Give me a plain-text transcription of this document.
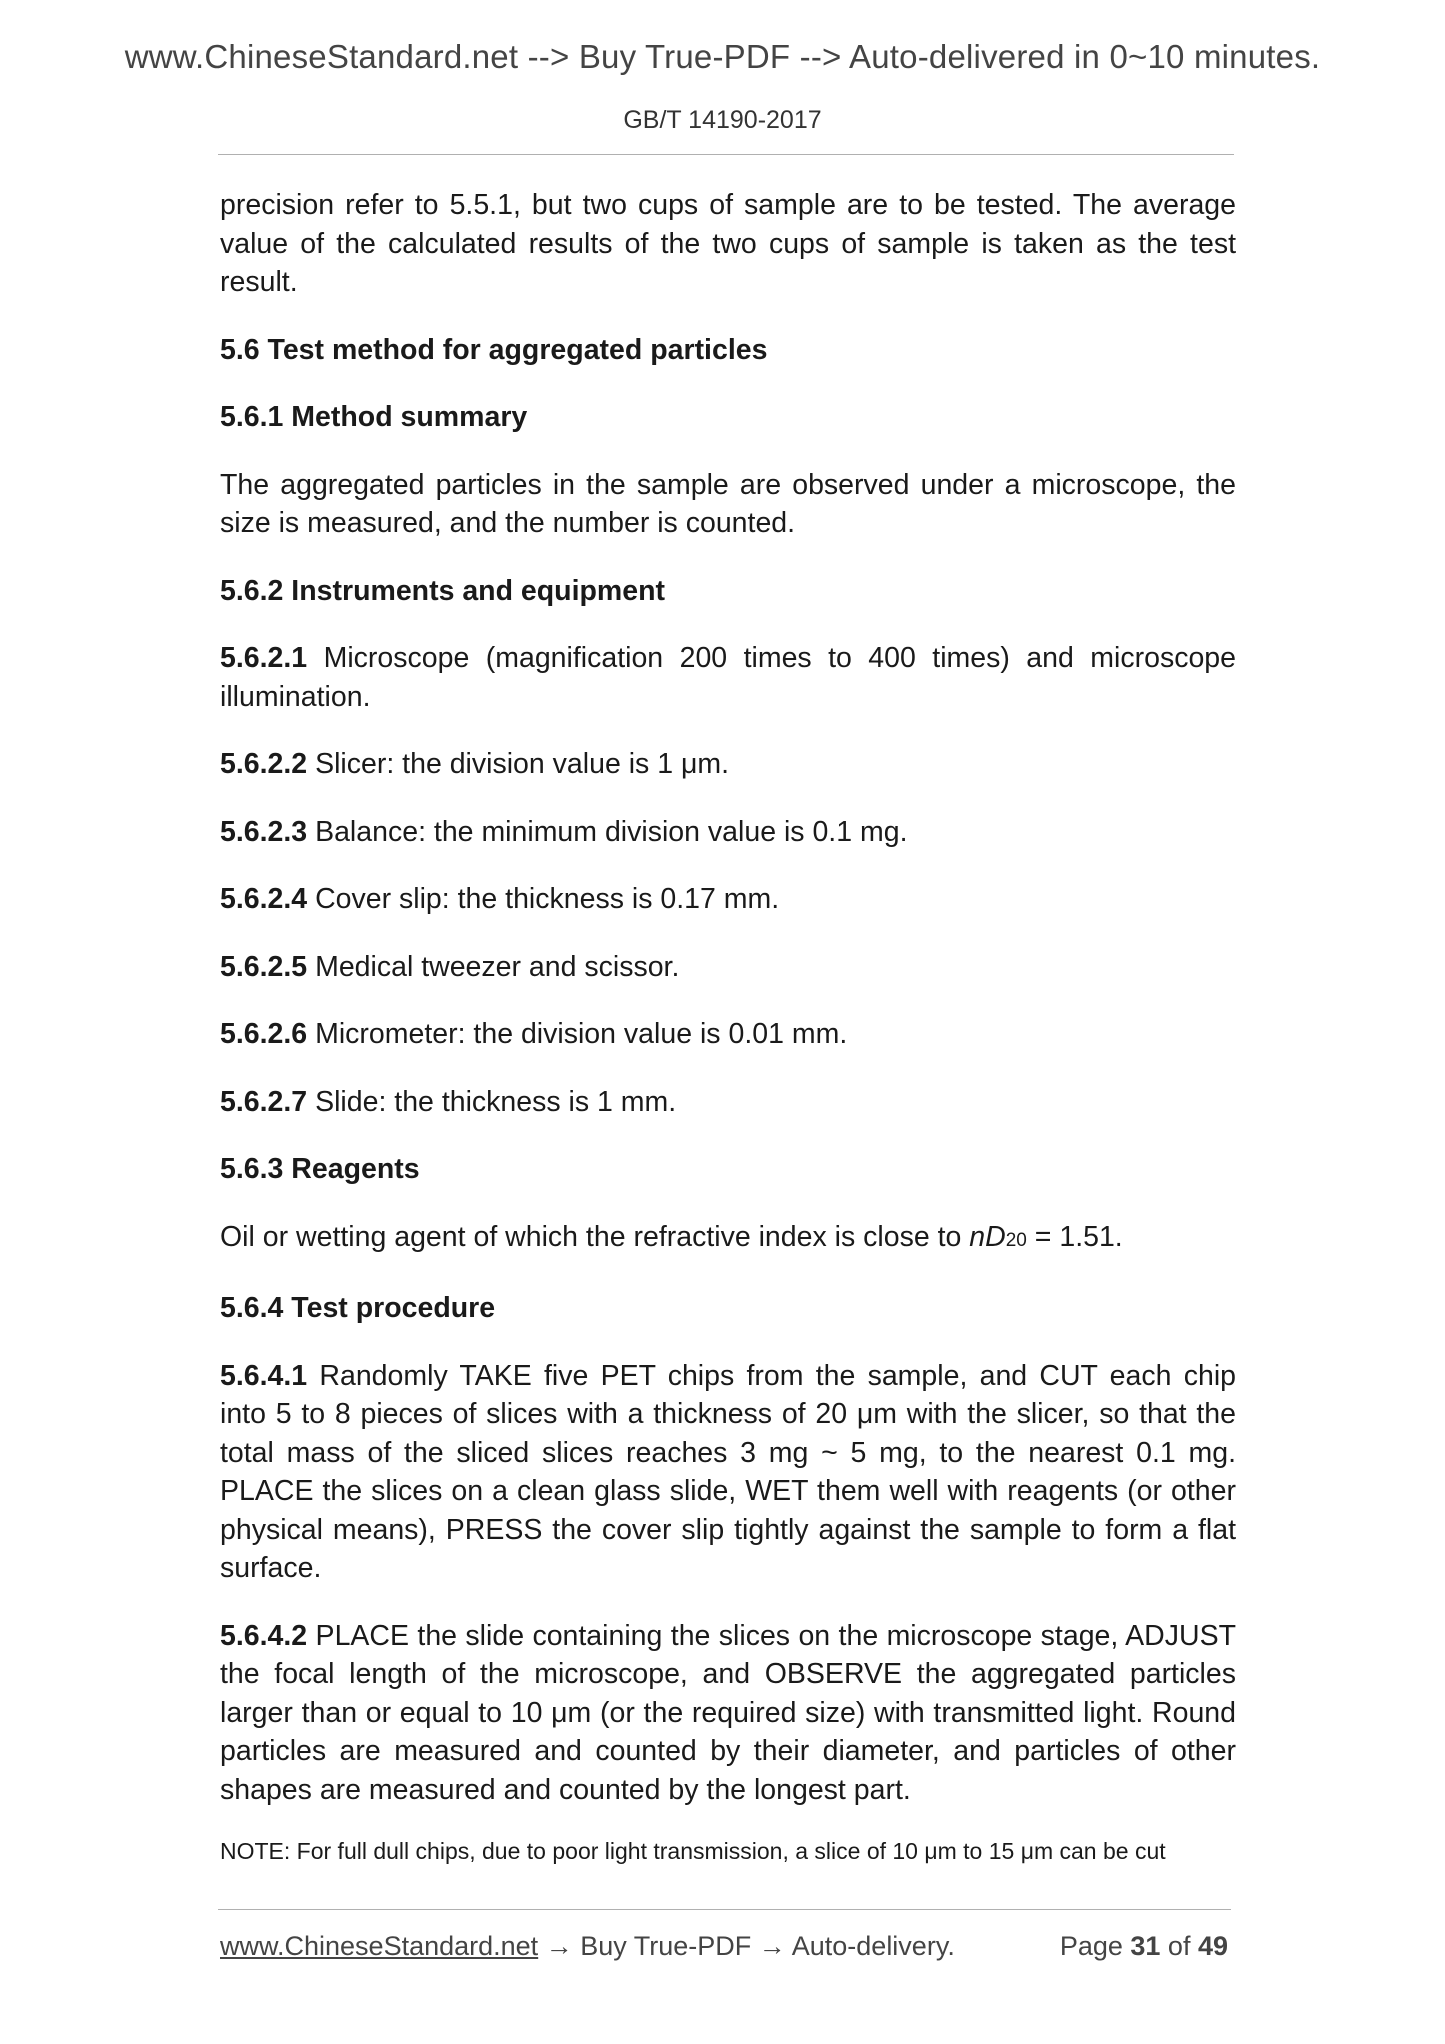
www.ChineseStandard.net --> Buy True-PDF --> Auto-delivered in 0~10 minutes.
GB/T 14190-2017

precision refer to 5.5.1, but two cups of sample are to be tested. The average value of the calculated results of the two cups of sample is taken as the test result.

5.6 Test method for aggregated particles

5.6.1 Method summary

The aggregated particles in the sample are observed under a microscope, the size is measured, and the number is counted.

5.6.2 Instruments and equipment

5.6.2.1 Microscope (magnification 200 times to 400 times) and microscope illumination.

5.6.2.2 Slicer: the division value is 1 μm.

5.6.2.3 Balance: the minimum division value is 0.1 mg.

5.6.2.4 Cover slip: the thickness is 0.17 mm.

5.6.2.5 Medical tweezer and scissor.

5.6.2.6 Micrometer: the division value is 0.01 mm.

5.6.2.7 Slide: the thickness is 1 mm.

5.6.3 Reagents

Oil or wetting agent of which the refractive index is close to nD20 = 1.51.

5.6.4 Test procedure

5.6.4.1 Randomly TAKE five PET chips from the sample, and CUT each chip into 5 to 8 pieces of slices with a thickness of 20 μm with the slicer, so that the total mass of the sliced slices reaches 3 mg ~ 5 mg, to the nearest 0.1 mg. PLACE the slices on a clean glass slide, WET them well with reagents (or other physical means), PRESS the cover slip tightly against the sample to form a flat surface.

5.6.4.2 PLACE the slide containing the slices on the microscope stage, ADJUST the focal length of the microscope, and OBSERVE the aggregated particles larger than or equal to 10 μm (or the required size) with transmitted light. Round particles are measured and counted by their diameter, and particles of other shapes are measured and counted by the longest part.

NOTE: For full dull chips, due to poor light transmission, a slice of 10 μm to 15 μm can be cut

www.ChineseStandard.net → Buy True-PDF → Auto-delivery.	Page 31 of 49
